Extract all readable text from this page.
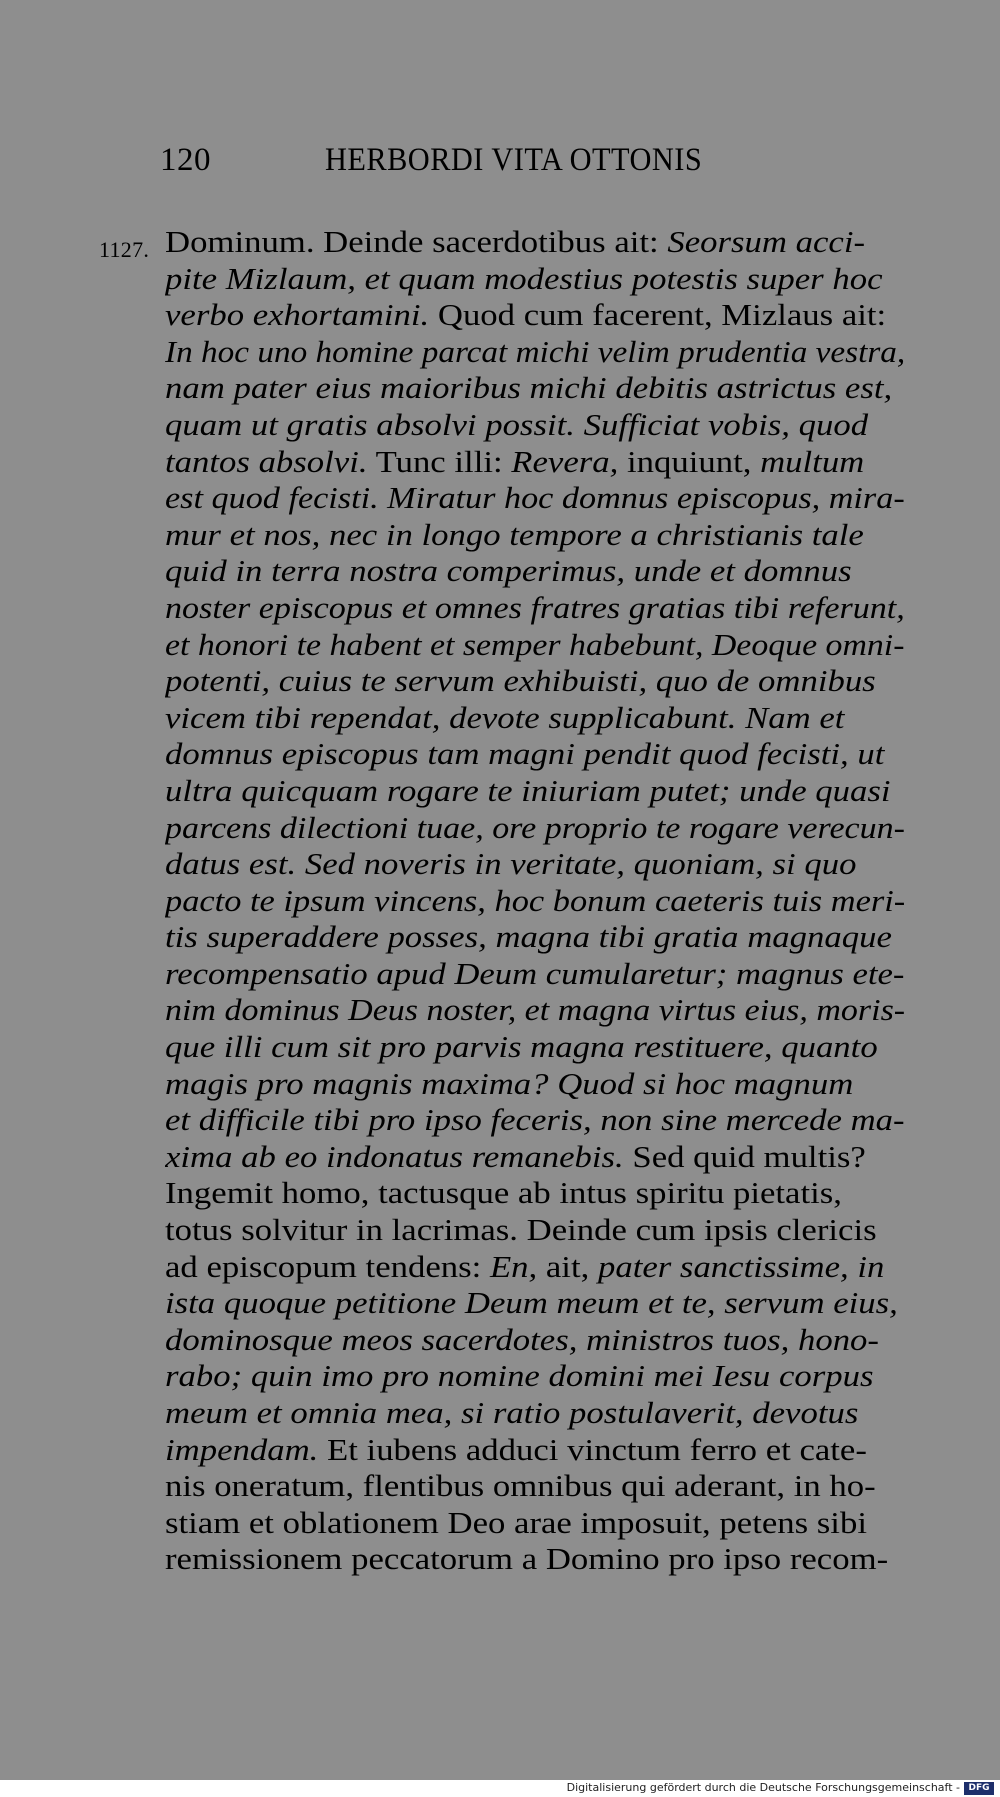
120	HERBORDI VITA OTTONIS
1127. Dominum. Deinde sacerdotibus ait: Seorsum acci-
pite Mizlaum, et quam modestius potestis super hoc
verbo exhortamini. Quod cum facerent, Mizlaus ait:
In hoc uno homine parcat michi velim prudentia vestra,
nam pater eius maioribus michi debitis astrictus est,
quam ut gratis absolvi possit. Sufficiat vobis, quod
tantos absolvi. Tunc illi: Revera, inquiunt, multum
est quod fecisti. Miratur hoc domnus episcopus, mira-
mur et nos, nec in longo tempore a christianis tale
quid in terra nostra comperimus, unde et domnus
noster episcopus et omnes fratres gratias tibi referunt,
et honori te habent et semper habebunt, Deoque omni-
potenti, cuius te servum exhibuisti, quo de omnibus
vicem tibi rependat, devote supplicabunt. Nam et
domnus episcopus tam magni pendit quod fecisti, ut
ultra quicquam rogare te iniuriam putet; unde quasi
parcens dilectioni tuae, ore proprio te rogare verecun-
datus est. Sed noveris in veritate, quoniam, si quo
pacto te ipsum vincens, hoc bonum caeteris tuis meri-
tis superaddere posses, magna tibi gratia magnaque
recompensatio apud Deum cumularetur; magnus ete-
nim dominus Deus noster, et magna virtus eius, moris-
que illi cum sit pro parvis magna restituere, quanto
magis pro magnis maxima? Quod si hoc magnum
et difficile tibi pro ipso feceris, non sine mercede ma-
xima ab eo indonatus remanebis. Sed quid multis?
Ingemit homo, tactusque ab intus spiritu pietatis,
totus solvitur in lacrimas. Deinde cum ipsis clericis
ad episcopum tendens: En, ait, pater sanctissime, in
ista quoque petitione Deum meum et te, servum eius,
dominosque meos sacerdotes, ministros tuos, hono-
rabo; quin imo pro nomine domini mei Iesu corpus
meum et omnia mea, si ratio postulaverit, devotus
impendam. Et iubens adduci vinctum ferro et cate-
nis oneratum, flentibus omnibus qui aderant, in ho-
stiam et oblationem Deo arae imposuit, petens sibi
remissionem peccatorum a Domino pro ipso recom-
Digitalisierung gefördert durch die Deutsche Forschungsgemeinschaft - DFG
